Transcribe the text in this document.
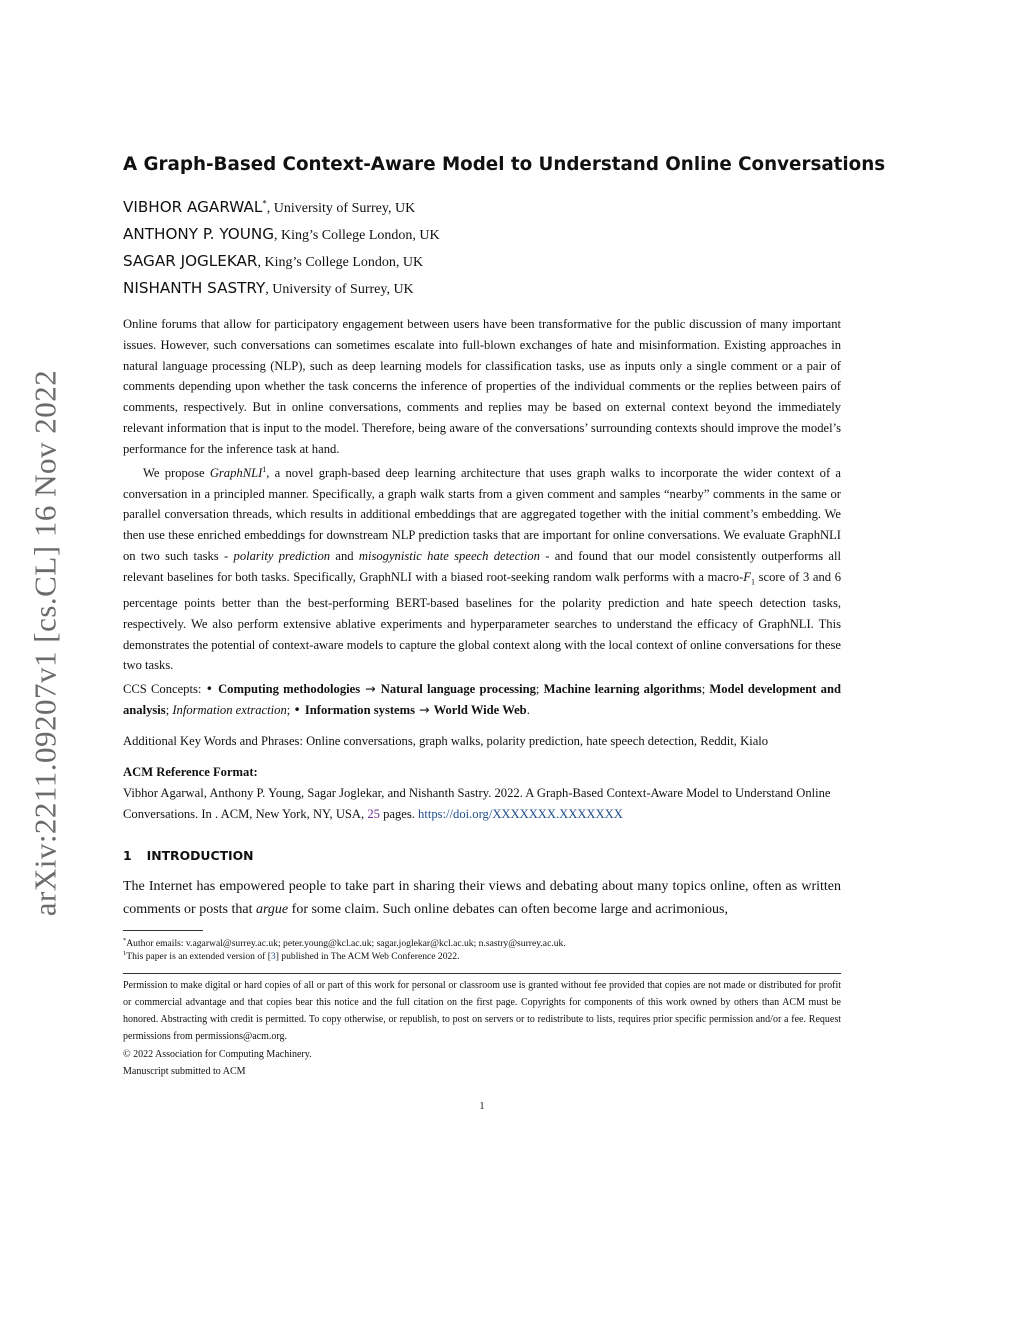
arXiv:2211.09207v1 [cs.CL] 16 Nov 2022
A Graph-Based Context-Aware Model to Understand Online Conversations
VIBHOR AGARWAL*, University of Surrey, UK
ANTHONY P. YOUNG, King’s College London, UK
SAGAR JOGLEKAR, King’s College London, UK
NISHANTH SASTRY, University of Surrey, UK

Online forums that allow for participatory engagement between users have been transformative for the public discussion of many important issues. However, such conversations can sometimes escalate into full-blown exchanges of hate and misinformation. Existing approaches in natural language processing (NLP), such as deep learning models for classification tasks, use as inputs only a single comment or a pair of comments depending upon whether the task concerns the inference of properties of the individual comments or the replies between pairs of comments, respectively. But in online conversations, comments and replies may be based on external context beyond the immediately relevant information that is input to the model. Therefore, being aware of the conversations’ surrounding contexts should improve the model’s performance for the inference task at hand.

We propose GraphNLI$^1$, a novel graph-based deep learning architecture that uses graph walks to incorporate the wider context of a conversation in a principled manner. Specifically, a graph walk starts from a given comment and samples “nearby” comments in the same or parallel conversation threads, which results in additional embeddings that are aggregated together with the initial comment’s embedding. We then use these enriched embeddings for downstream NLP prediction tasks that are important for online conversations. We evaluate GraphNLI on two such tasks - polarity prediction and misogynistic hate speech detection - and found that our model consistently outperforms all relevant baselines for both tasks. Specifically, GraphNLI with a biased root-seeking random walk performs with a macro-$F_1$ score of 3 and 6 percentage points better than the best-performing BERT-based baselines for the polarity prediction and hate speech detection tasks, respectively. We also perform extensive ablative experiments and hyperparameter searches to understand the efficacy of GraphNLI. This demonstrates the potential of context-aware models to capture the global context along with the local context of online conversations for these two tasks.

CCS Concepts: • Computing methodologies → Natural language processing; Machine learning algorithms; Model development and analysis; Information extraction; • Information systems → World Wide Web.
Additional Key Words and Phrases: Online conversations, graph walks, polarity prediction, hate speech detection, Reddit, Kialo
ACM Reference Format:
Vibhor Agarwal, Anthony P. Young, Sagar Joglekar, and Nishanth Sastry. 2022. A Graph-Based Context-Aware Model to Understand Online Conversations. In . ACM, New York, NY, USA, 25 pages. https://doi.org/XXXXXXX.XXXXXXX
1 INTRODUCTION
The Internet has empowered people to take part in sharing their views and debating about many topics online, often as written comments or posts that argue for some claim. Such online debates can often become large and acrimonious,
*Author emails: v.agarwal@surrey.ac.uk; peter.young@kcl.ac.uk; sagar.joglekar@kcl.ac.uk; n.sastry@surrey.ac.uk.
$^1$This paper is an extended version of [3] published in The ACM Web Conference 2022.
Permission to make digital or hard copies of all or part of this work for personal or classroom use is granted without fee provided that copies are not made or distributed for profit or commercial advantage and that copies bear this notice and the full citation on the first page. Copyrights for components of this work owned by others than ACM must be honored. Abstracting with credit is permitted. To copy otherwise, or republish, to post on servers or to redistribute to lists, requires prior specific permission and/or a fee. Request permissions from permissions@acm.org.
© 2022 Association for Computing Machinery.
Manuscript submitted to ACM
1
